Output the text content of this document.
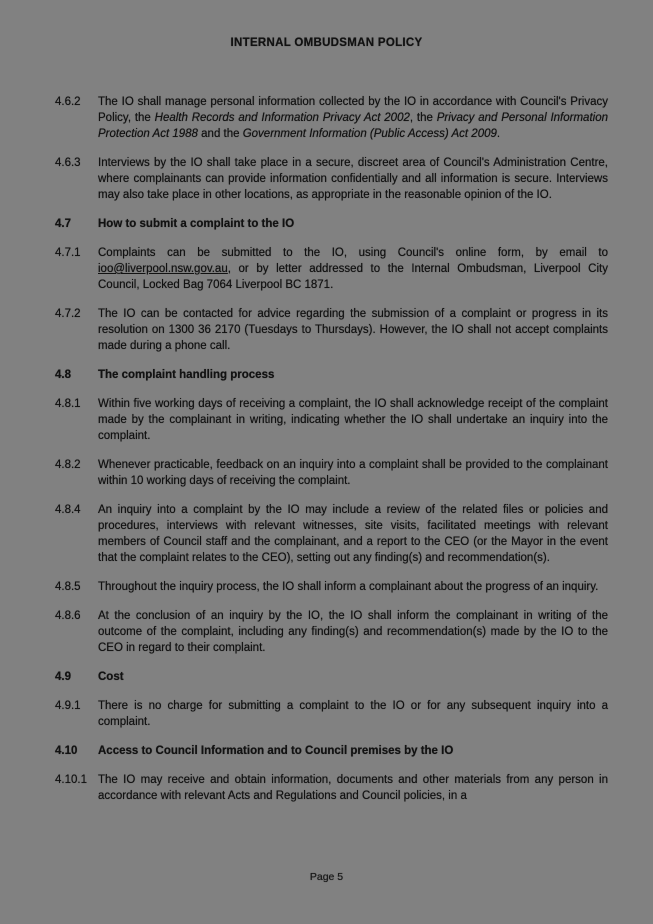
INTERNAL OMBUDSMAN POLICY
4.6.2	The IO shall manage personal information collected by the IO in accordance with Council's Privacy Policy, the Health Records and Information Privacy Act 2002, the Privacy and Personal Information Protection Act 1988 and the Government Information (Public Access) Act 2009.
4.6.3	Interviews by the IO shall take place in a secure, discreet area of Council's Administration Centre, where complainants can provide information confidentially and all information is secure. Interviews may also take place in other locations, as appropriate in the reasonable opinion of the IO.
4.7	How to submit a complaint to the IO
4.7.1	Complaints can be submitted to the IO, using Council's online form, by email to ioo@liverpool.nsw.gov.au, or by letter addressed to the Internal Ombudsman, Liverpool City Council, Locked Bag 7064 Liverpool BC 1871.
4.7.2	The IO can be contacted for advice regarding the submission of a complaint or progress in its resolution on 1300 36 2170 (Tuesdays to Thursdays). However, the IO shall not accept complaints made during a phone call.
4.8	The complaint handling process
4.8.1	Within five working days of receiving a complaint, the IO shall acknowledge receipt of the complaint made by the complainant in writing, indicating whether the IO shall undertake an inquiry into the complaint.
4.8.2	Whenever practicable, feedback on an inquiry into a complaint shall be provided to the complainant within 10 working days of receiving the complaint.
4.8.4	An inquiry into a complaint by the IO may include a review of the related files or policies and procedures, interviews with relevant witnesses, site visits, facilitated meetings with relevant members of Council staff and the complainant, and a report to the CEO (or the Mayor in the event that the complaint relates to the CEO), setting out any finding(s) and recommendation(s).
4.8.5	Throughout the inquiry process, the IO shall inform a complainant about the progress of an inquiry.
4.8.6	At the conclusion of an inquiry by the IO, the IO shall inform the complainant in writing of the outcome of the complaint, including any finding(s) and recommendation(s) made by the IO to the CEO in regard to their complaint.
4.9	Cost
4.9.1	There is no charge for submitting a complaint to the IO or for any subsequent inquiry into a complaint.
4.10	Access to Council Information and to Council premises by the IO
4.10.1 The IO may receive and obtain information, documents and other materials from any person in accordance with relevant Acts and Regulations and Council policies, in a
Page 5
